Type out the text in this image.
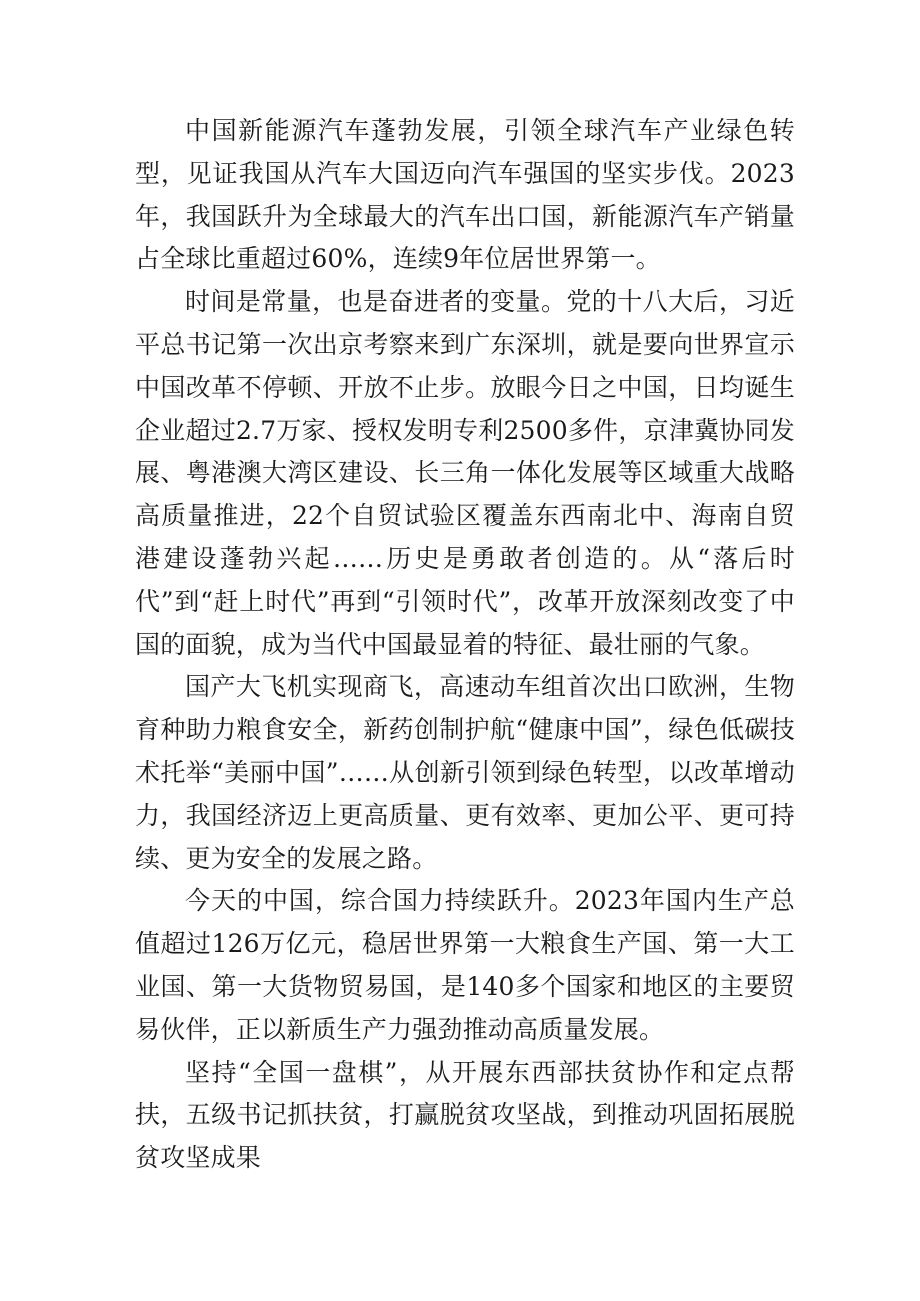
中国新能源汽车蓬勃发展，引领全球汽车产业绿色转型，见证我国从汽车大国迈向汽车强国的坚实步伐。2023年，我国跃升为全球最大的汽车出口国，新能源汽车产销量占全球比重超过60%，连续9年位居世界第一。

时间是常量，也是奋进者的变量。党的十八大后，习近平总书记第一次出京考察来到广东深圳，就是要向世界宣示中国改革不停顿、开放不止步。放眼今日之中国，日均诞生企业超过2.7万家、授权发明专利2500多件，京津冀协同发展、粤港澳大湾区建设、长三角一体化发展等区域重大战略高质量推进，22个自贸试验区覆盖东西南北中、海南自贸港建设蓬勃兴起……历史是勇敢者创造的。从“落后时代”到“赶上时代”再到“引领时代”，改革开放深刻改变了中国的面貌，成为当代中国最显着的特征、最壮丽的气象。

国产大飞机实现商飞，高速动车组首次出口欧洲，生物育种助力粮食安全，新药创制护航“健康中国”，绿色低碳技术托举“美丽中国”……从创新引领到绿色转型，以改革增动力，我国经济迈上更高质量、更有效率、更加公平、更可持续、更为安全的发展之路。

今天的中国，综合国力持续跃升。2023年国内生产总值超过126万亿元，稳居世界第一大粮食生产国、第一大工业国、第一大货物贸易国，是140多个国家和地区的主要贸易伙伴，正以新质生产力强劲推动高质量发展。

坚持“全国一盘棋”，从开展东西部扶贫协作和定点帮扶，五级书记抓扶贫，打赢脱贫攻坚战，到推动巩固拓展脱贫攻坚成果
